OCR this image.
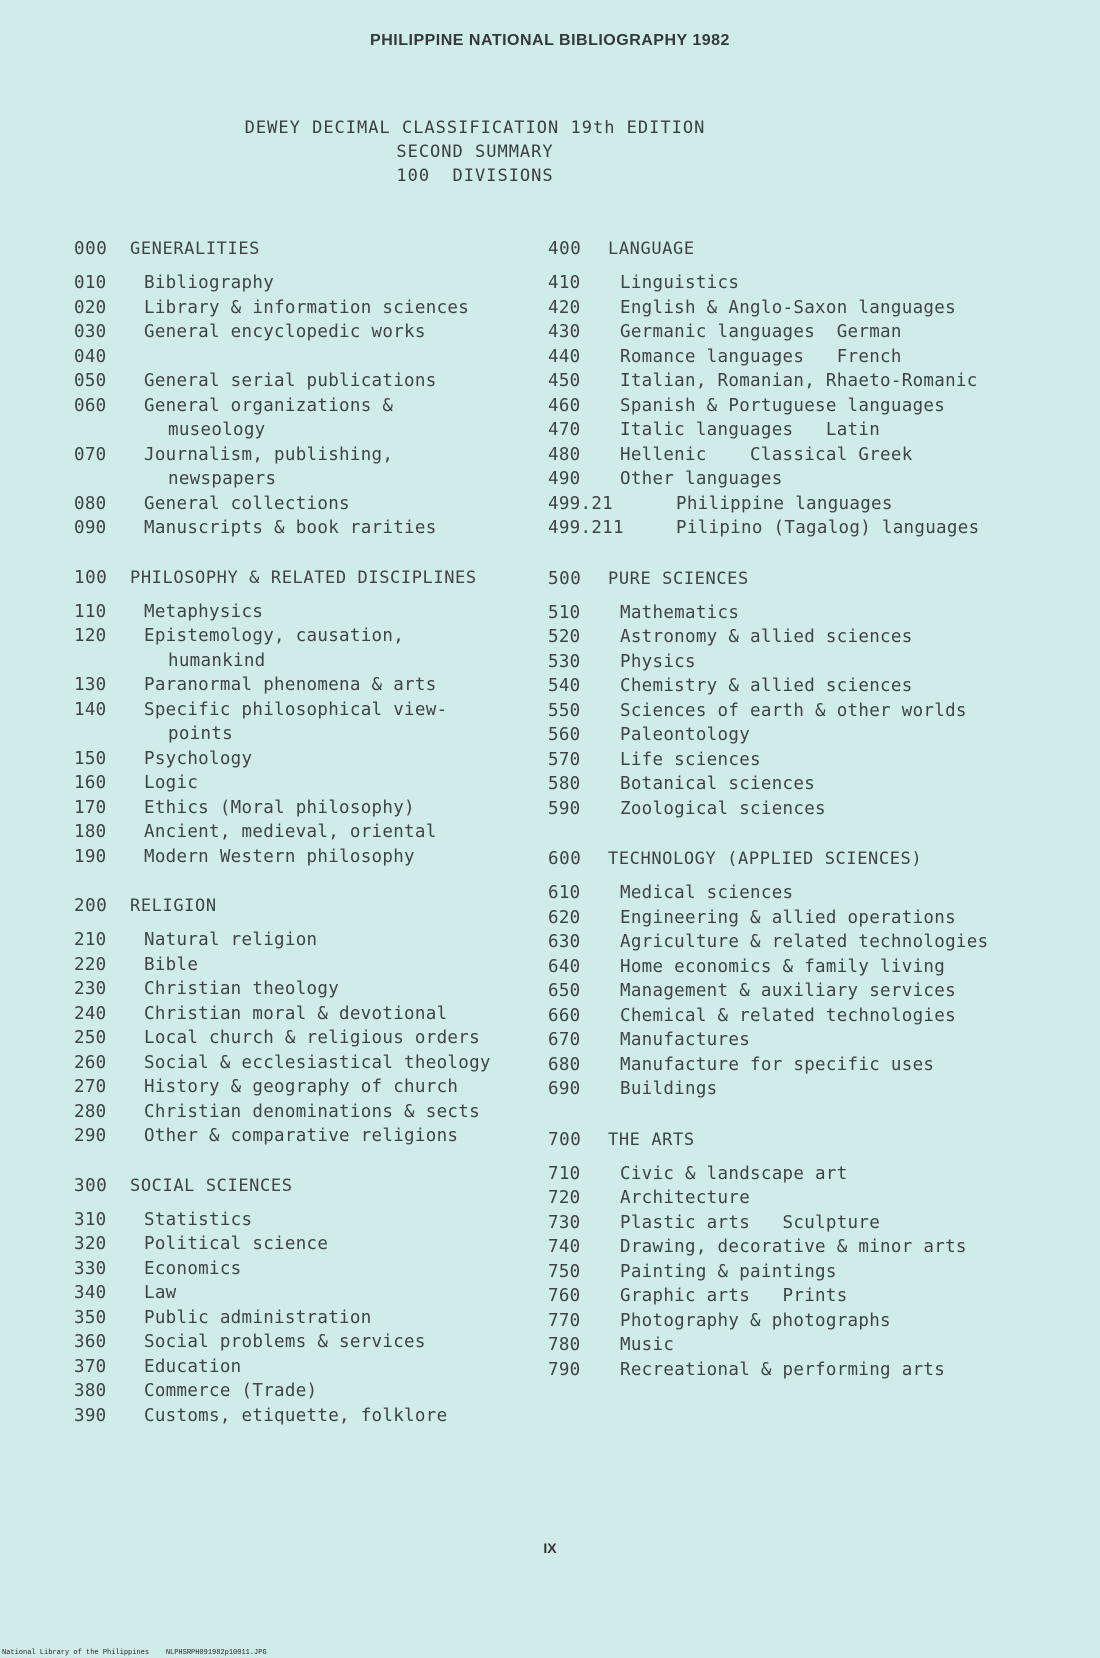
PHILIPPINE NATIONAL BIBLIOGRAPHY 1982
DEWEY DECIMAL CLASSIFICATION 19th EDITION
SECOND SUMMARY
100  DIVISIONS
000	GENERALITIES
010	Bibliography
020	Library & information sciences
030	General encyclopedic works
040
050	General serial publications
060	General organizations &
museology
070	Journalism, publishing,
newspapers
080	General collections
090	Manuscripts & book rarities
100	PHILOSOPHY & RELATED DISCIPLINES
110	Metaphysics
120	Epistemology, causation,
humankind
130	Paranormal phenomena & arts
140	Specific philosophical view-
points
150	Psychology
160	Logic
170	Ethics (Moral philosophy)
180	Ancient, medieval, oriental
190	Modern Western philosophy
200	RELIGION
210	Natural religion
220	Bible
230	Christian theology
240	Christian moral & devotional
250	Local church & religious orders
260	Social & ecclesiastical theology
270	History & geography of church
280	Christian denominations & sects
290	Other & comparative religions
300	SOCIAL SCIENCES
310	Statistics
320	Political science
330	Economics
340	Law
350	Public administration
360	Social problems & services
370	Education
380	Commerce (Trade)
390	Customs, etiquette, folklore
400	LANGUAGE
410	Linguistics
420	English & Anglo-Saxon languages
430	Germanic languages  German
440	Romance languages   French
450	Italian, Romanian, Rhaeto-Romanic
460	Spanish & Portuguese languages
470	Italic languages   Latin
480	Hellenic    Classical Greek
490	Other languages
499.21	Philippine languages
499.211	Pilipino (Tagalog) languages
500	PURE SCIENCES
510	Mathematics
520	Astronomy & allied sciences
530	Physics
540	Chemistry & allied sciences
550	Sciences of earth & other worlds
560	Paleontology
570	Life sciences
580	Botanical sciences
590	Zoological sciences
600	TECHNOLOGY (APPLIED SCIENCES)
610	Medical sciences
620	Engineering & allied operations
630	Agriculture & related technologies
640	Home economics & family living
650	Management & auxiliary services
660	Chemical & related technologies
670	Manufactures
680	Manufacture for specific uses
690	Buildings
700	THE ARTS
710	Civic & landscape art
720	Architecture
730	Plastic arts   Sculpture
740	Drawing, decorative & minor arts
750	Painting & paintings
760	Graphic arts   Prints
770	Photography & photographs
780	Music
790	Recreational & performing arts
IX
National Library of the Philippines    NLPHSRPH091982p10011.JPG
